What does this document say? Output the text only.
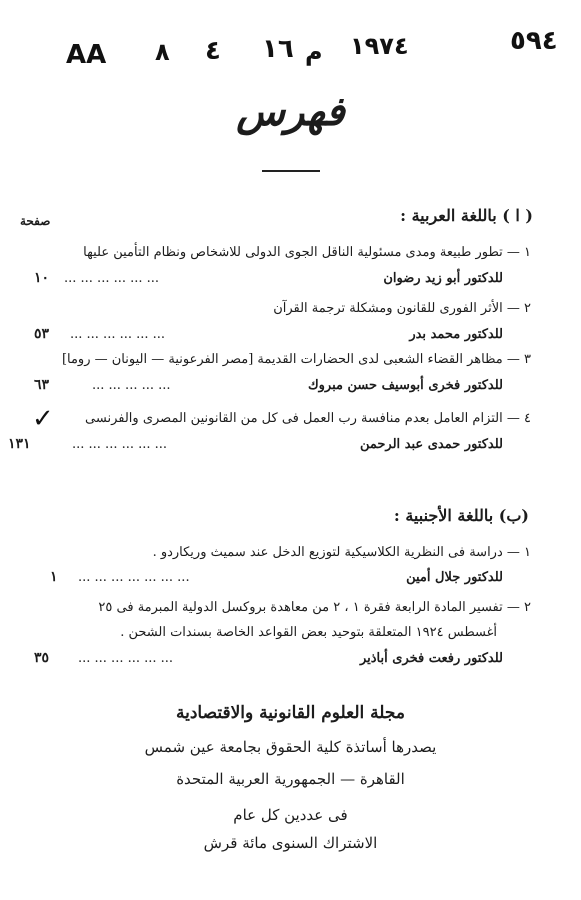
AA ٨ ٤ ١٦ م ١٩٧٤	٥٩٤
فهرس
( ا ) باللغة العربية :
صفحة
١ — تطور طبيعة ومدى مسئولية الناقل الجوى الدولى للاشخاص ونظام التأمين عليها
للدكتور أبو زيد رضوان
... ... ... ... ... ...
١٠
٢ — الأثر الفورى للقانون ومشكلة ترجمة القرآن
للدكتور محمد بدر
... ... ... ... ... ...
٥٣
٣ — مظاهر القضاء الشعبى لدى الحضارات القديمة [مصر الفرعونية — اليونان — روما]
للدكتور فخرى أبوسيف حسن مبروك
... ... ... ... ...
٦٣
✓ ٤ — التزام العامل بعدم منافسة رب العمل فى كل من القانونين المصرى والفرنسى
للدكتور حمدى عبد الرحمن
... ... ... ... ... ...
١٣١
(ب) باللغة الأجنبية :
١ — دراسة فى النظرية الكلاسيكية لتوزيع الدخل عند سميث وريكاردو .
للدكتور جلال أمين
... ... ... ... ... ... ...
١
٢ — تفسير المادة الرابعة فقرة ١ ، ٢ من معاهدة بروكسل الدولية المبرمة فى ٢٥
أغسطس ١٩٢٤ المتعلقة بتوحيد بعض القواعد الخاصة بسندات الشحن .
للدكتور رفعت فخرى أباذير
... ... ... ... ... ...
٣٥
مجلة العلوم القانونية والاقتصادية
يصدرها أساتذة كلية الحقوق بجامعة عين شمس
القاهرة — الجمهورية العربية المتحدة
فى عددين كل عام
الاشتراك السنوى مائة قرش
